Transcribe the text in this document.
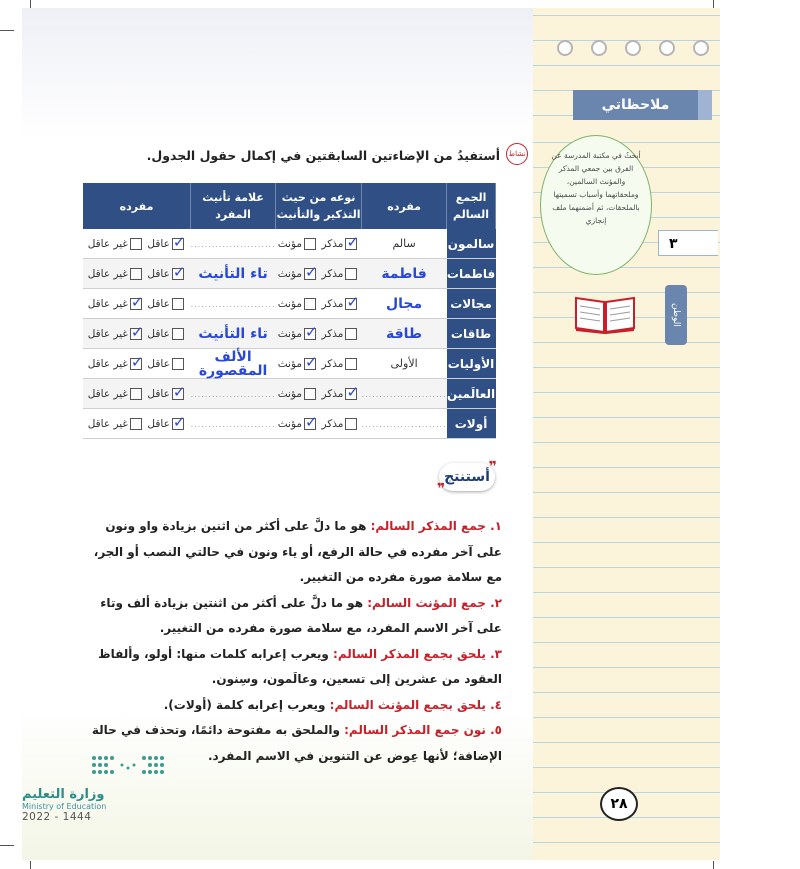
ملاحظاتي
أبحثُ في مكتبة المدرسة عن الفرق بين جمعي المذكر والمؤنث السالمين، وملحقاتهما وأسباب تسميتها بالملحقات، ثم أضمنهما ملف إنجازي
٣
الوطن
نشاط
أستفيدُ من الإضاءتين السابقتين في إكمال حقول الجدول.
الجمع السالم	مفرده	نوعه من حيث التذكير والتأنيث	علامة تأنيث المفرد	مفرده
سالمون	سالم	✓مذكر مؤنث	........................	✓عاقل غير عاقل
فاطمات	فاطمة	مذكر ✓مؤنث	تاء التأنيث	✓عاقل غير عاقل
مجالات	مجال	✓مذكر مؤنث	........................	عاقل ✓غير عاقل
طاقات	طاقة	مذكر ✓مؤنث	تاء التأنيث	عاقل ✓غير عاقل
الأوليات	الأولى	مذكر ✓مؤنث	الألف المقصورة	عاقل ✓غير عاقل
العالَمين	........................	✓مذكر مؤنث	........................	✓عاقل غير عاقل
أولات	........................	مذكر ✓مؤنث	........................	✓عاقل غير عاقل
❞ أستنتج ❞

١. جمع المذكر السالم: هو ما دلَّ على أكثر من اثنين بزيادة واو ونون على آخر مفرده في حالة الرفع، أو ياء ونون في حالتي النصب أو الجر، مع سلامة صورة مفرده من التغيير.

٢. جمع المؤنث السالم: هو ما دلَّ على أكثر من اثنتين بزيادة ألف وتاء على آخر الاسم المفرد، مع سلامة صورة مفرده من التغيير.

٣. يلحق بجمع المذكر السالم: ويعرب إعرابه كلمات منها: أولو، وألفاظ العقود من عشرين إلى تسعين، وعالَمون، وسِنون.

٤. يلحق بجمع المؤنث السالم: ويعرب إعرابه كلمة (أولات).

٥. نون جمع المذكر السالم: والملحق به مفتوحة دائمًا، وتحذف في حالة الإضافة؛ لأنها عِوض عن التنوين في الاسم المفرد.

وزارة التعليم
Ministry of Education
2022 - 1444
٢٨
